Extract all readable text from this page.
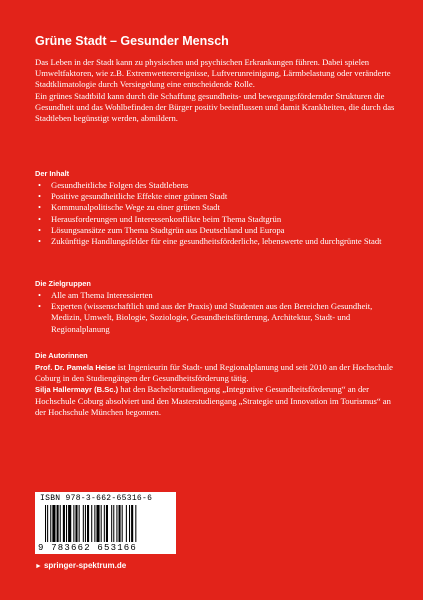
Grüne Stadt – Gesunder Mensch

Das Leben in der Stadt kann zu physischen und psychischen Erkrankungen führen. Dabei spielen Umweltfaktoren, wie z.B. Extremwetterereignisse, Luftverunreinigung, Lärmbelastung oder veränderte Stadtklimatologie durch Versiegelung eine entscheidende Rolle.

Ein grünes Stadtbild kann durch die Schaffung gesundheits- und bewegungsfördernder Strukturen die Gesundheit und das Wohlbefinden der Bürger positiv beeinflussen und damit Krankheiten, die durch das Stadtleben begünstigt werden, abmildern.

Der Inhalt
• Gesundheitliche Folgen des Stadtlebens
• Positive gesundheitliche Effekte einer grünen Stadt
• Kommunalpolitische Wege zu einer grünen Stadt
• Herausforderungen und Interessenkonflikte beim Thema Stadtgrün
• Lösungsansätze zum Thema Stadtgrün aus Deutschland und Europa
• Zukünftige Handlungsfelder für eine gesundheitsförderliche, lebenswerte und durchgrünte Stadt
Die Zielgruppen
• Alle am Thema Interessierten
• Experten (wissenschaftlich und aus der Praxis) und Studenten aus den Bereichen Gesundheit, Medizin, Umwelt, Biologie, Soziologie, Gesundheitsförderung, Architektur, Stadt- und Regionalplanung
Die Autorinnen
Prof. Dr. Pamela Heise ist Ingenieurin für Stadt- und Regionalplanung und seit 2010 an der Hochschule Coburg in den Studiengängen der Gesundheitsförderung tätig.
Silja Hallermayr (B.Sc.) hat den Bachelorstudiengang „Integrative Gesundheitsförderung“ an der Hochschule Coburg absolviert und den Masterstudiengang „Strategie und Innovation im Tourismus“ an der Hochschule München begonnen.
ISBN 978-3-662-65316-6
9 783662 653166
► springer-spektrum.de
